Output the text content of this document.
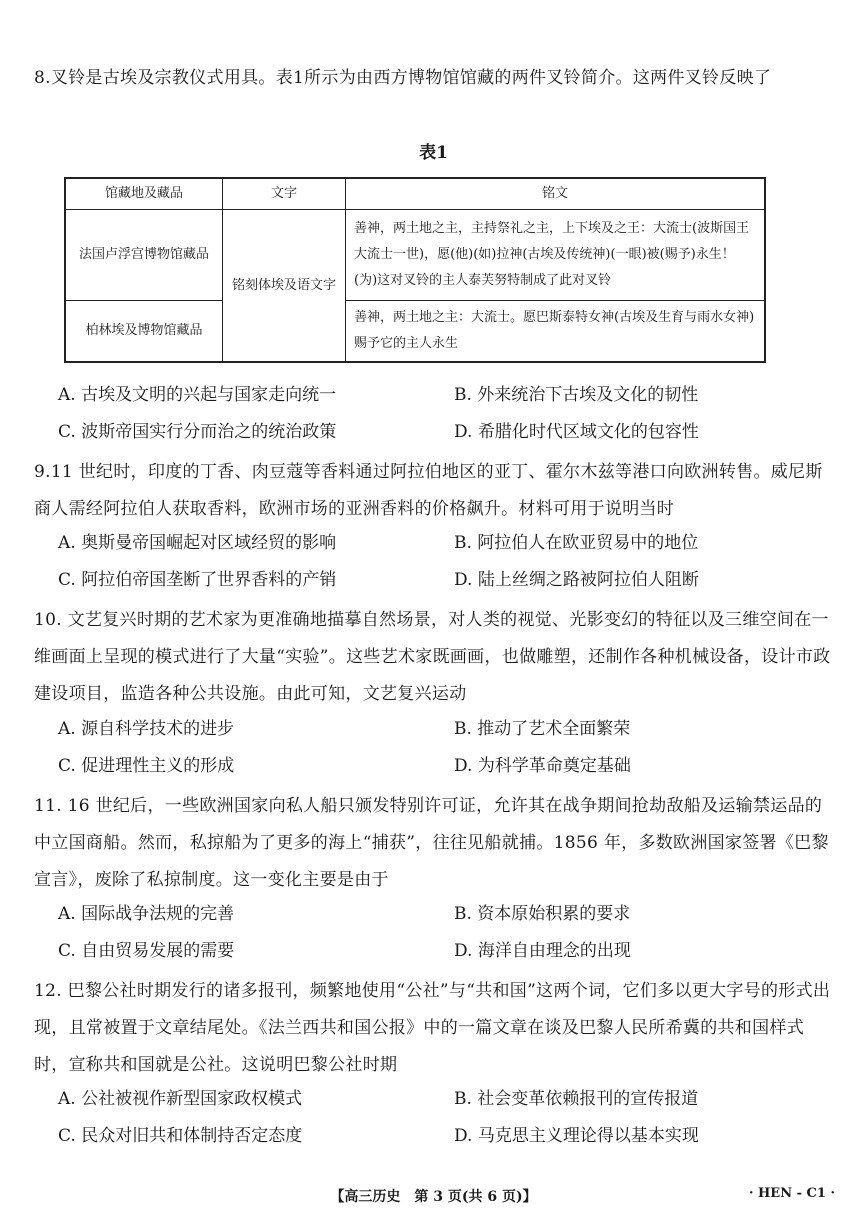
8.叉铃是古埃及宗教仪式用具。表1所示为由西方博物馆馆藏的两件叉铃简介。这两件叉铃反映了
表1
馆藏地及藏品	文字	铭文
法国卢浮宫博物馆藏品	铭刻体埃及语文字	善神，两土地之主，主持祭礼之主，上下埃及之王：大流士(波斯国王大流士一世)，愿(他)(如)拉神(古埃及传统神)(一眼)被(赐予)永生！(为)这对叉铃的主人泰芙努特制成了此对叉铃
柏林埃及博物馆藏品		善神，两土地之主：大流士。愿巴斯泰特女神(古埃及生育与雨水女神)赐予它的主人永生
A. 古埃及文明的兴起与国家走向统一	B. 外来统治下古埃及文化的韧性
C. 波斯帝国实行分而治之的统治政策	D. 希腊化时代区域文化的包容性
9.11 世纪时，印度的丁香、肉豆蔻等香料通过阿拉伯地区的亚丁、霍尔木兹等港口向欧洲转售。威尼斯商人需经阿拉伯人获取香料，欧洲市场的亚洲香料的价格飙升。材料可用于说明当时
A. 奥斯曼帝国崛起对区域经贸的影响	B. 阿拉伯人在欧亚贸易中的地位
C. 阿拉伯帝国垄断了世界香料的产销	D. 陆上丝绸之路被阿拉伯人阻断
10. 文艺复兴时期的艺术家为更准确地描摹自然场景，对人类的视觉、光影变幻的特征以及三维空间在一维画面上呈现的模式进行了大量“实验”。这些艺术家既画画，也做雕塑，还制作各种机械设备，设计市政建设项目，监造各种公共设施。由此可知，文艺复兴运动
A. 源自科学技术的进步	B. 推动了艺术全面繁荣
C. 促进理性主义的形成	D. 为科学革命奠定基础
11. 16 世纪后，一些欧洲国家向私人船只颁发特别许可证，允许其在战争期间抢劫敌船及运输禁运品的中立国商船。然而，私掠船为了更多的海上“捕获”，往往见船就捕。1856 年，多数欧洲国家签署《巴黎宣言》，废除了私掠制度。这一变化主要是由于
A. 国际战争法规的完善	B. 资本原始积累的要求
C. 自由贸易发展的需要	D. 海洋自由理念的出现
12. 巴黎公社时期发行的诸多报刊，频繁地使用“公社”与“共和国”这两个词，它们多以更大字号的形式出现，且常被置于文章结尾处。《法兰西共和国公报》中的一篇文章在谈及巴黎人民所希冀的共和国样式时，宣称共和国就是公社。这说明巴黎公社时期
A. 公社被视作新型国家政权模式	B. 社会变革依赖报刊的宣传报道
C. 民众对旧共和体制持否定态度	D. 马克思主义理论得以基本实现
【高三历史　第 3 页(共 6 页)】	· HEN - C1 ·
